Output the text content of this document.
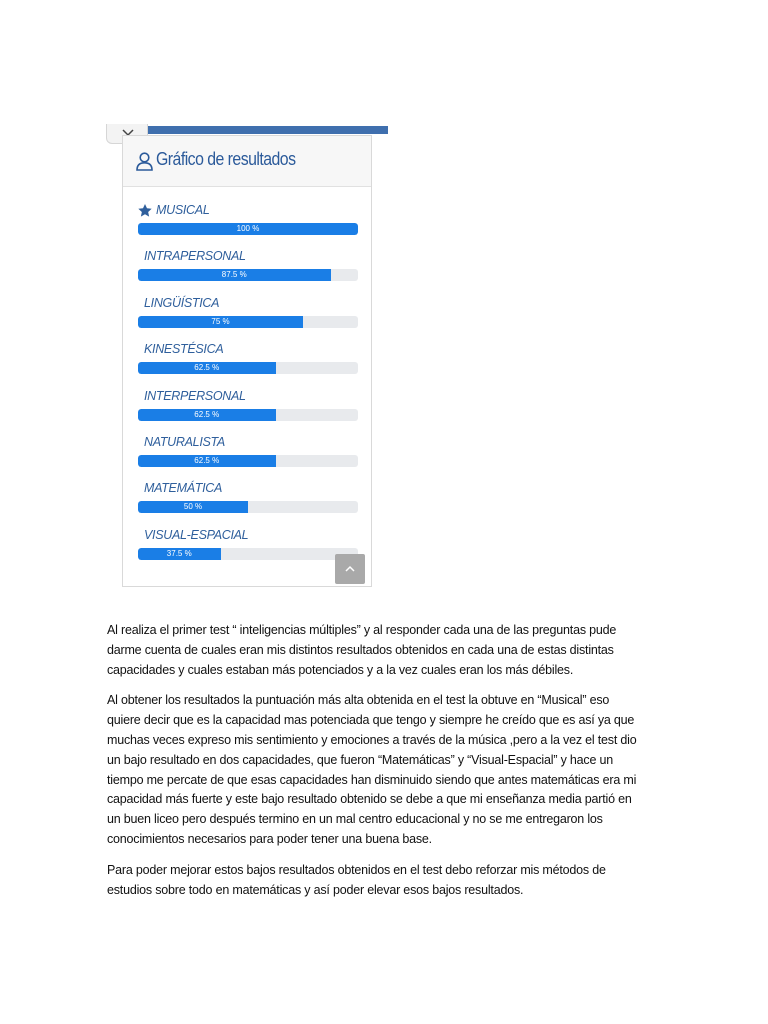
Gráfico de resultados
MUSICAL
100 %
INTRAPERSONAL
87.5 %
LINGÜÍSTICA
75 %
KINESTÉSICA
62.5 %
INTERPERSONAL
62.5 %
NATURALISTA
62.5 %
MATEMÁTICA
50 %
VISUAL-ESPACIAL
37.5 %

Al realiza el primer test “ inteligencias múltiples” y al responder cada una de las preguntas pude darme cuenta de cuales eran mis distintos resultados obtenidos en cada una de estas distintas capacidades y cuales estaban más potenciados y a la vez cuales eran los más débiles.

Al obtener los resultados la puntuación más alta obtenida en el test la obtuve en “Musical” eso quiere decir que es la capacidad mas potenciada que tengo y siempre he creído que es así ya que muchas veces expreso mis sentimiento y emociones a través de la música ,pero a la vez el test dio un bajo resultado en dos capacidades, que fueron “Matemáticas” y “Visual-Espacial” y hace un tiempo me percate de que esas capacidades han disminuido siendo que antes matemáticas era mi capacidad más fuerte y este bajo resultado obtenido se debe a que mi enseñanza media partió en un buen liceo pero después termino en un mal centro educacional y no se me entregaron los conocimientos necesarios para poder tener una buena base.

Para poder mejorar estos bajos resultados obtenidos en el test debo reforzar mis métodos de estudios sobre todo en matemáticas y así poder elevar esos bajos resultados.
